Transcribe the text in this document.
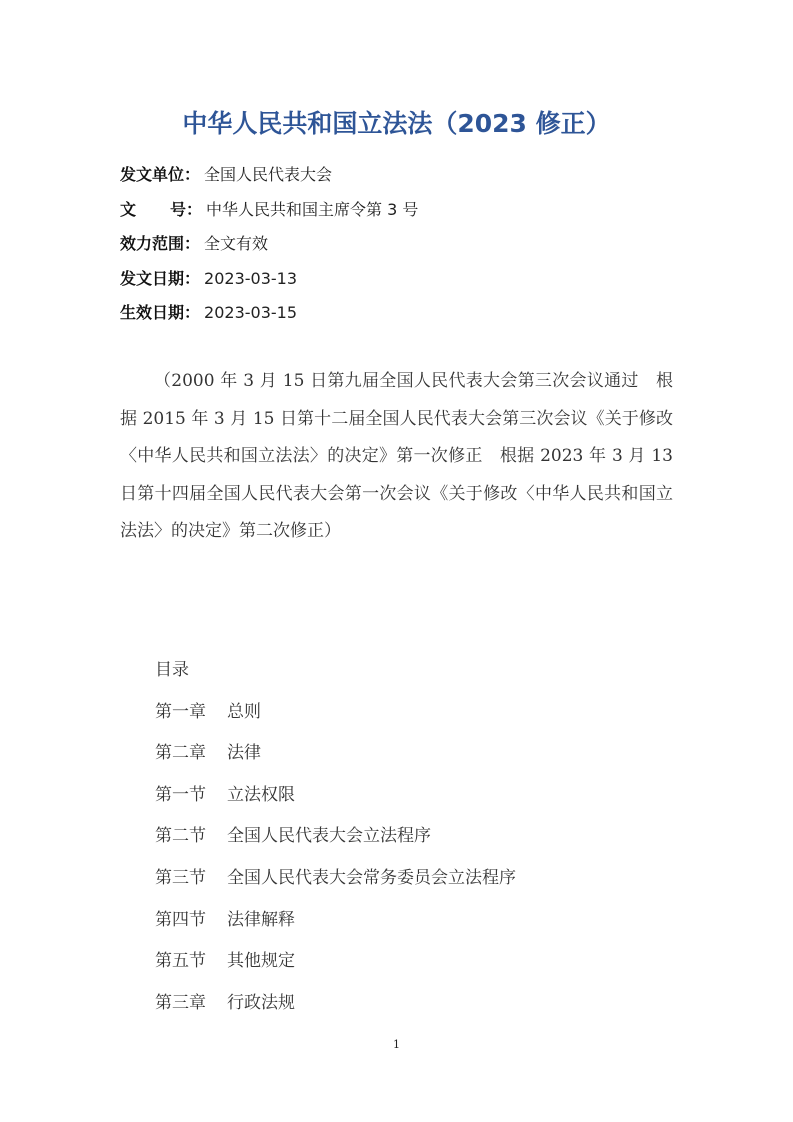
中华人民共和国立法法（2023 修正）
发文单位 ： 全国人民代表大会
文 号 ： 中华人民共和国主席令第 3 号
效力范围 ： 全文有效
发文日期 ： 2023-03-13
生效日期 ： 2023-03-15

（2000 年 3 月 15 日第九届全国人民代表大会第三次会议通过　根据 2015 年 3 月 15 日第十二届全国人民代表大会第三次会议《关于修改〈中华人民共和国立法法〉的决定》第一次修正　根据 2023 年 3 月 13 日第十四届全国人民代表大会第一次会议《关于修改〈中华人民共和国立法法〉的决定》第二次修正）

目录
第一章 总则
第二章 法律
第一节 立法权限
第二节 全国人民代表大会立法程序
第三节 全国人民代表大会常务委员会立法程序
第四节 法律解释
第五节 其他规定
第三章 行政法规
1
